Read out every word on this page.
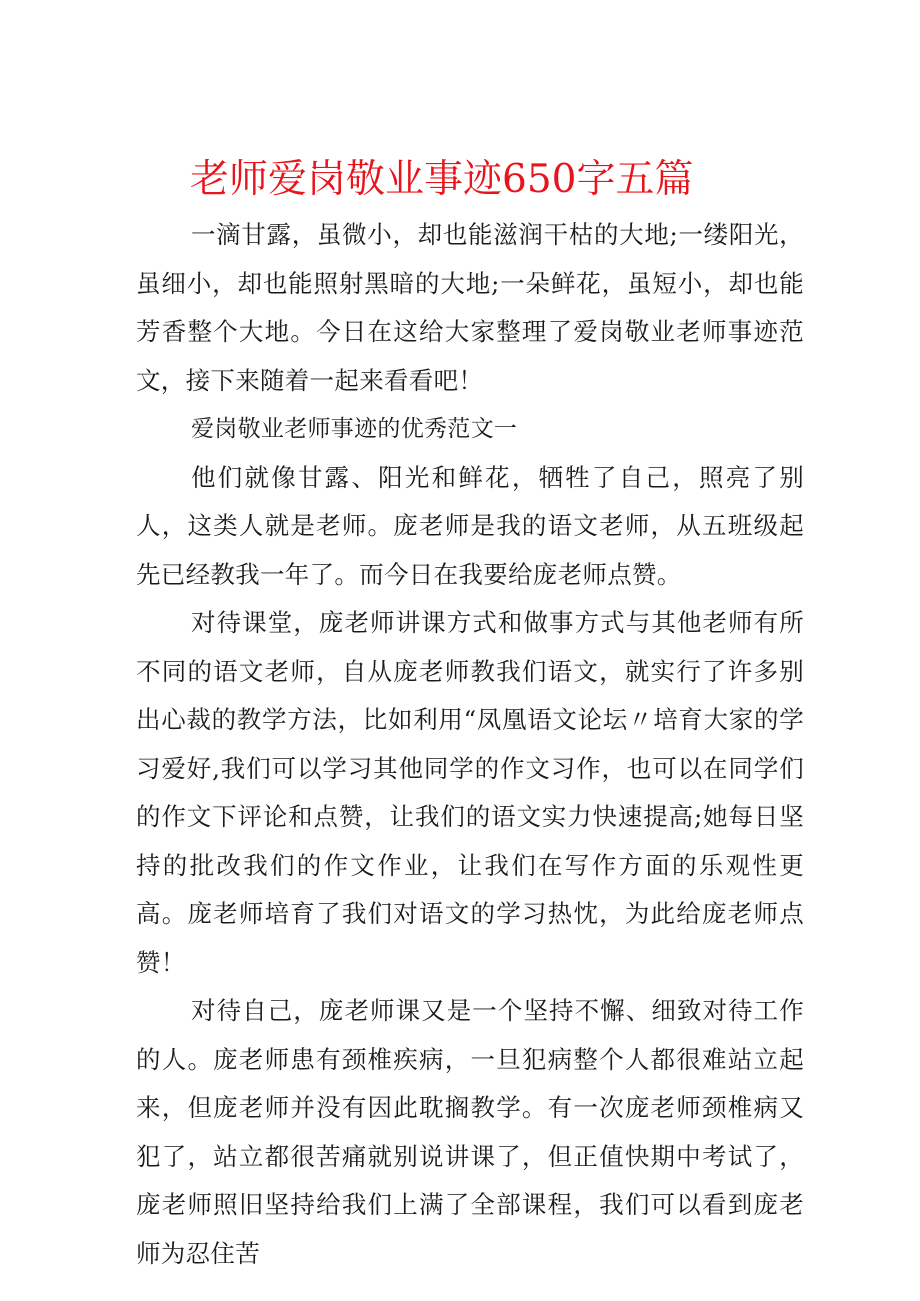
老师爱岗敬业事迹650字五篇

一滴甘露，虽微小，却也能滋润干枯的大地;一缕阳光，虽细小，却也能照射黑暗的大地;一朵鲜花，虽短小，却也能芳香整个大地。今日在这给大家整理了爱岗敬业老师事迹范文，接下来随着一起来看看吧！

爱岗敬业老师事迹的优秀范文一

他们就像甘露、阳光和鲜花，牺牲了自己，照亮了别人，这类人就是老师。庞老师是我的语文老师，从五班级起先已经教我一年了。而今日在我要给庞老师点赞。

对待课堂，庞老师讲课方式和做事方式与其他老师有所不同的语文老师，自从庞老师教我们语文，就实行了许多别出心裁的教学方法，比如利用“凤凰语文论坛〃培育大家的学习爱好,我们可以学习其他同学的作文习作，也可以在同学们的作文下评论和点赞，让我们的语文实力快速提高;她每日坚持的批改我们的作文作业，让我们在写作方面的乐观性更高。庞老师培育了我们对语文的学习热忱，为此给庞老师点赞！

对待自己，庞老师课又是一个坚持不懈、细致对待工作的人。庞老师患有颈椎疾病，一旦犯病整个人都很难站立起来，但庞老师并没有因此耽搁教学。有一次庞老师颈椎病又犯了，站立都很苦痛就别说讲课了，但正值快期中考试了，庞老师照旧坚持给我们上满了全部课程，我们可以看到庞老师为忍住苦
